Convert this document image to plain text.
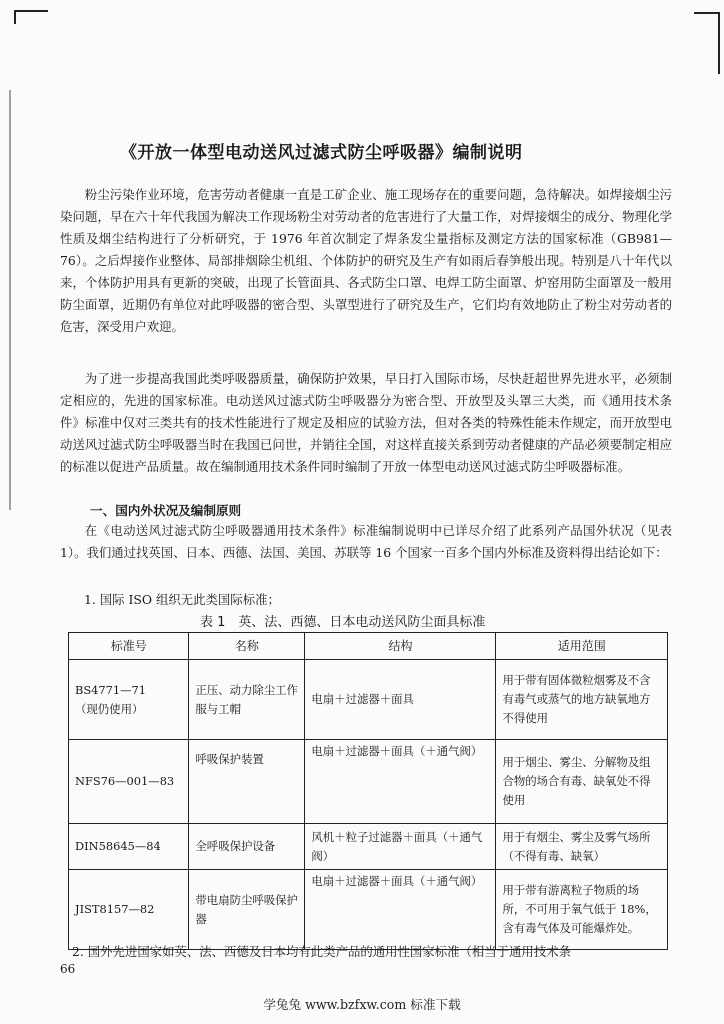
《开放一体型电动送风过滤式防尘呼吸器》编制说明

粉尘污染作业环境，危害劳动者健康一直是工矿企业、施工现场存在的重要问题，急待解决。如焊接烟尘污染问题，早在六十年代我国为解决工作现场粉尘对劳动者的危害进行了大量工作，对焊接烟尘的成分、物理化学性质及烟尘结构进行了分析研究，于 1976 年首次制定了焊条发尘量指标及测定方法的国家标准（GB981—76）。之后焊接作业整体、局部排烟除尘机组、个体防护的研究及生产有如雨后春笋般出现。特别是八十年代以来，个体防护用具有更新的突破，出现了长管面具、各式防尘口罩、电焊工防尘面罩、炉窑用防尘面罩及一般用防尘面罩，近期仍有单位对此呼吸器的密合型、头罩型进行了研究及生产，它们均有效地防止了粉尘对劳动者的危害，深受用户欢迎。

为了进一步提高我国此类呼吸器质量，确保防护效果，早日打入国际市场，尽快赶超世界先进水平，必须制定相应的，先进的国家标准。电动送风过滤式防尘呼吸器分为密合型、开放型及头罩三大类，而《通用技术条件》标准中仅对三类共有的技术性能进行了规定及相应的试验方法，但对各类的特殊性能未作规定，而开放型电动送风过滤式防尘呼吸器当时在我国已问世，并销往全国，对这样直接关系到劳动者健康的产品必须要制定相应的标准以促进产品质量。故在编制通用技术条件同时编制了开放一体型电动送风过滤式防尘呼吸器标准。

一、国内外状况及编制原则

在《电动送风过滤式防尘呼吸器通用技术条件》标准编制说明中已详尽介绍了此系列产品国外状况（见表 1）。我们通过找英国、日本、西德、法国、美国、苏联等 16 个国家一百多个国内外标准及资料得出结论如下：

1. 国际 ISO 组织无此类国际标准；
表 1　英、法、西德、日本电动送风防尘面具标准
标准号	名称	结构	适用范围
BS4771—71
（现仍使用）	正压、动力除尘工作服与工帽	电扇＋过滤器＋面具	用于带有固体微粒烟雾及不含有毒气或蒸气的地方缺氧地方不得使用
NFS76—001—83	呼吸保护装置	电扇＋过滤器＋面具（＋通气阀）	用于烟尘、雾尘、分解物及组合物的场合有毒、缺氧处不得使用
DIN58645—84	全呼吸保护设备	风机＋粒子过滤器＋面具（＋通气阀）	用于有烟尘、雾尘及雾气场所（不得有毒、缺氧）
JIST8157—82	带电扇防尘呼吸保护器	电扇＋过滤器＋面具（＋通气阀）	用于带有游离粒子物质的场所，不可用于氧气低于 18%，含有毒气体及可能爆炸处。
2. 国外先进国家如英、法、西德及日本均有此类产品的通用性国家标准（相当于通用技术条
66
学兔兔 www.bzfxw.com 标准下载
